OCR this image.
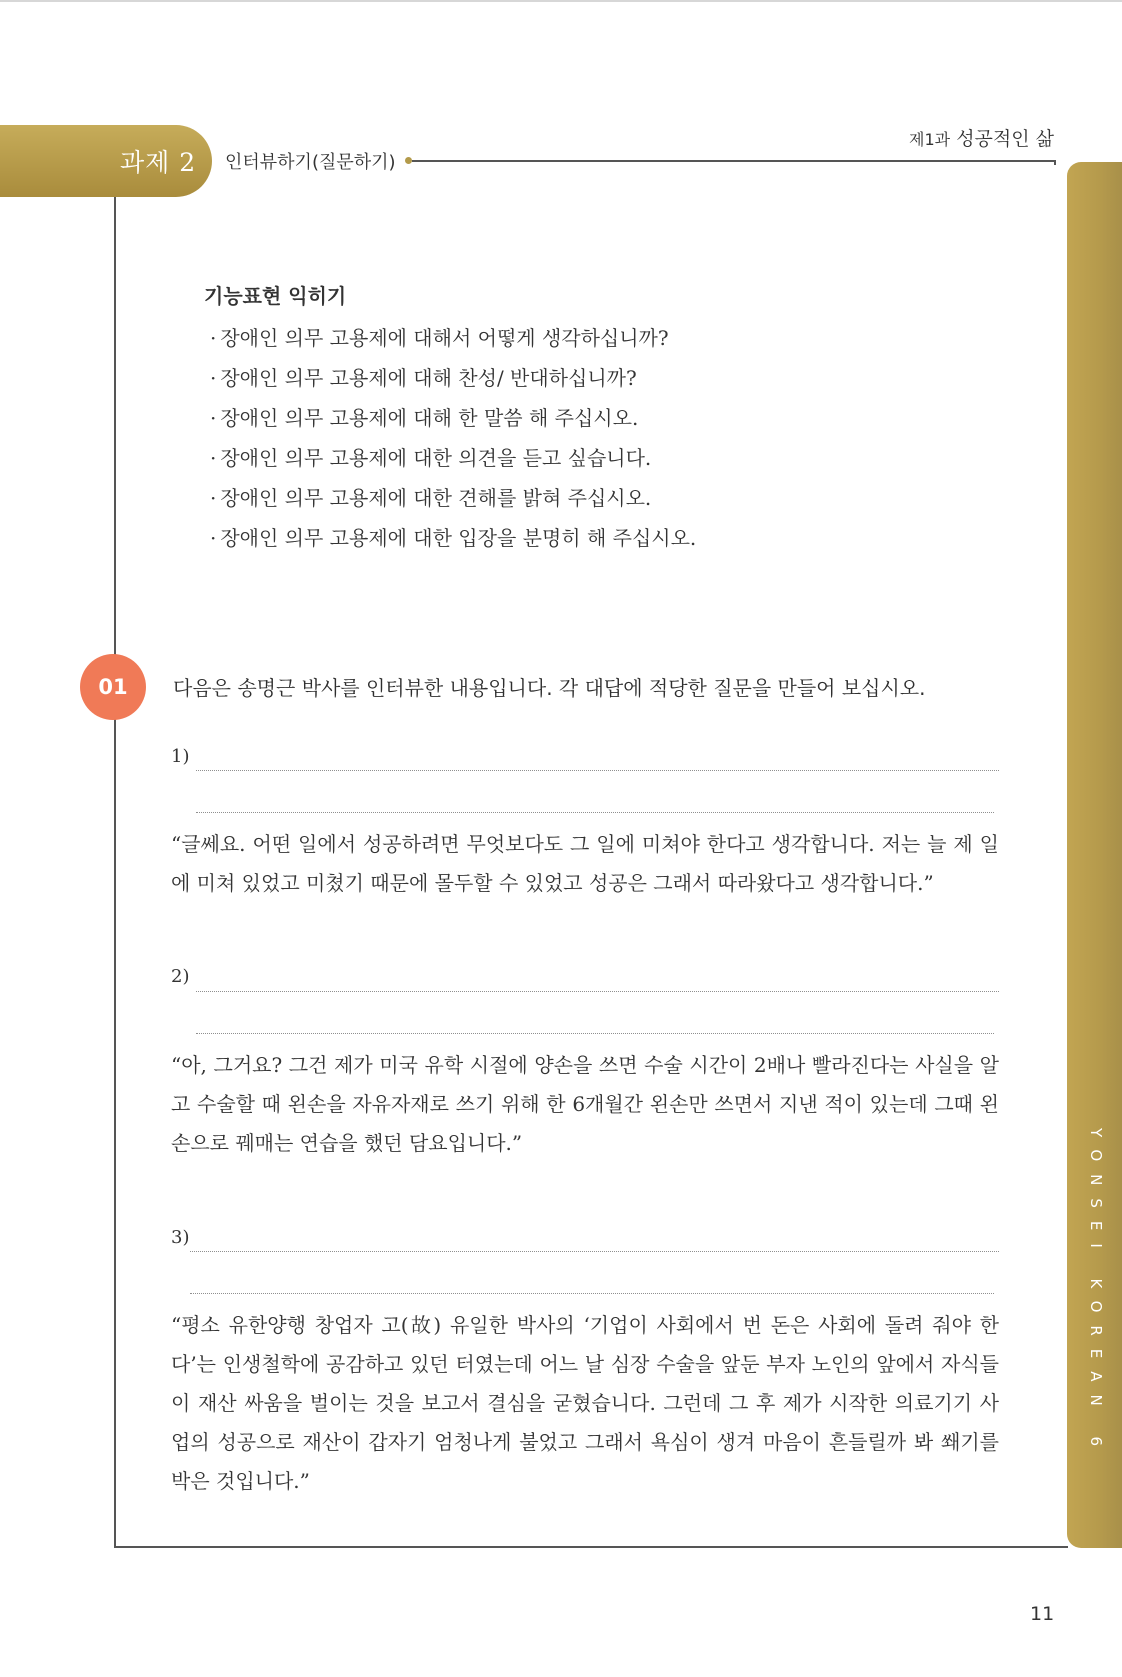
제1과 성공적인 삶
과제 2 인터뷰하기(질문하기)
YONSEI KOREAN 6
기능표현 익히기
· 장애인 의무 고용제에 대해서 어떻게 생각하십니까?
· 장애인 의무 고용제에 대해 찬성/ 반대하십니까?
· 장애인 의무 고용제에 대해 한 말씀 해 주십시오.
· 장애인 의무 고용제에 대한 의견을 듣고 싶습니다.
· 장애인 의무 고용제에 대한 견해를 밝혀 주십시오.
· 장애인 의무 고용제에 대한 입장을 분명히 해 주십시오.
01	다음은 송명근 박사를 인터뷰한 내용입니다. 각 대답에 적당한 질문을 만들어 보십시오.
1)

“글쎄요. 어떤 일에서 성공하려면 무엇보다도 그 일에 미쳐야 한다고 생각합니다. 저는 늘 제 일에 미쳐 있었고 미쳤기 때문에 몰두할 수 있었고 성공은 그래서 따라왔다고 생각합니다.”

2)

“아, 그거요? 그건 제가 미국 유학 시절에 양손을 쓰면 수술 시간이 2배나 빨라진다는 사실을 알고 수술할 때 왼손을 자유자재로 쓰기 위해 한 6개월간 왼손만 쓰면서 지낸 적이 있는데 그때 왼손으로 꿰매는 연습을 했던 담요입니다.”

3)

“평소 유한양행 창업자 고(故) 유일한 박사의 ‘기업이 사회에서 번 돈은 사회에 돌려 줘야 한다’는 인생철학에 공감하고 있던 터였는데 어느 날 심장 수술을 앞둔 부자 노인의 앞에서 자식들이 재산 싸움을 벌이는 것을 보고서 결심을 굳혔습니다. 그런데 그 후 제가 시작한 의료기기 사업의 성공으로 재산이 갑자기 엄청나게 불었고 그래서 욕심이 생겨 마음이 흔들릴까 봐 쐐기를 박은 것입니다.”

11
